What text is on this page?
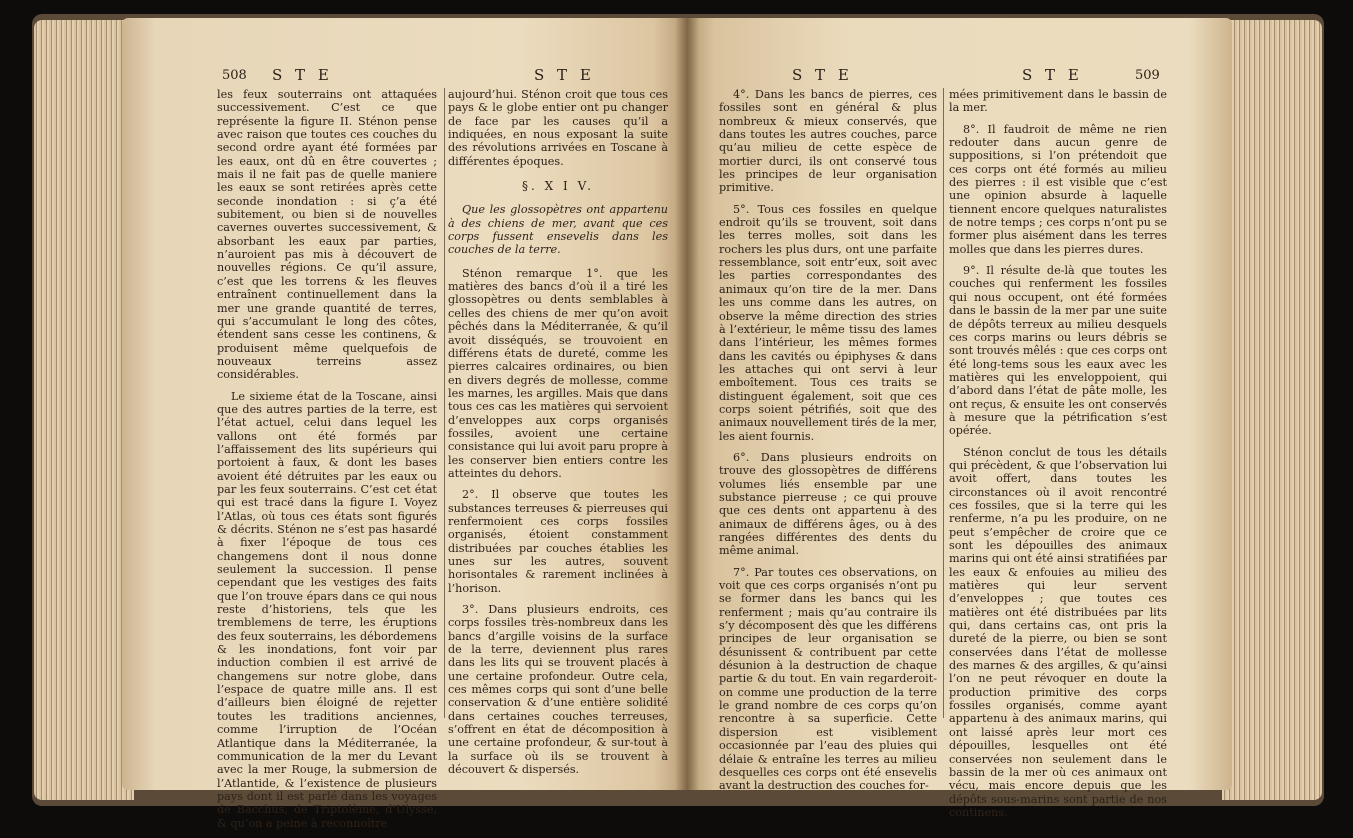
508 S T E	S T E

les feux souterrains ont attaquées successivement. C’est ce que représente la figure II. Sténon pense avec raison que toutes ces couches du second ordre ayant été formées par les eaux, ont dû en être couvertes ; mais il ne fait pas de quelle maniere les eaux se sont retirées après cette seconde inondation : si ç’a été subitement, ou bien si de nouvelles cavernes ouvertes successivement, & absorbant les eaux par parties, n’auroient pas mis à découvert de nouvelles régions. Ce qu’il assure, c’est que les torrens & les fleuves entraînent continuellement dans la mer une grande quantité de terres, qui s’accumulant le long des côtes, étendent sans cesse les continens, & produisent même quelquefois de nouveaux terreins assez considérables.

Le sixieme état de la Toscane, ainsi que des autres parties de la terre, est l’état actuel, celui dans lequel les vallons ont été formés par l’affaissement des lits supérieurs qui portoient à faux, & dont les bases avoient été détruites par les eaux ou par les feux souterrains. C’est cet état qui est tracé dans la figure I. Voyez l’Atlas, où tous ces états sont figurés & décrits. Sténon ne s’est pas hasardé à fixer l’époque de tous ces changemens dont il nous donne seulement la succession. Il pense cependant que les vestiges des faits que l’on trouve épars dans ce qui nous reste d’historiens, tels que les tremblemens de terre, les éruptions des feux souterrains, les débordemens & les inondations, font voir par induction combien il est arrivé de changemens sur notre globe, dans l’espace de quatre mille ans. Il est d’ailleurs bien éloigné de rejetter toutes les traditions anciennes, comme l’irruption de l’Océan Atlantique dans la Méditerranée, la communication de la mer du Levant avec la mer Rouge, la submersion de l’Atlantide, & l’existence de plusieurs pays dont il est parlé dans les voyages de Bacchus, de Triptolème, d’Ulysse, & qu’on a peine à reconnoître

aujourd’hui. Sténon croit que tous ces pays & le globe entier ont pu changer de face par les causes qu’il a indiquées, en nous exposant la suite des révolutions arrivées en Toscane à différentes époques.

§. X I V.

Que les glossopètres ont appartenu à des chiens de mer, avant que ces corps fussent ensevelis dans les couches de la terre.

Sténon remarque 1°. que les matières des bancs d’où il a tiré les glossopètres ou dents semblables à celles des chiens de mer qu’on avoit pêchés dans la Méditerranée, & qu’il avoit disséqués, se trouvoient en différens états de dureté, comme les pierres calcaires ordinaires, ou bien en divers degrés de mollesse, comme les marnes, les argilles. Mais que dans tous ces cas les matières qui servoient d’enveloppes aux corps organisés fossiles, avoient une certaine consistance qui lui avoit paru propre à les conserver bien entiers contre les atteintes du dehors.

2°. Il observe que toutes les substances terreuses & pierreuses qui renfermoient ces corps fossiles organisés, étoient constamment distribuées par couches établies les unes sur les autres, souvent horisontales & rarement inclinées à l’horison.

3°. Dans plusieurs endroits, ces corps fossiles très-nombreux dans les bancs d’argille voisins de la surface de la terre, deviennent plus rares dans les lits qui se trouvent placés à une certaine profondeur. Outre cela, ces mêmes corps qui sont d’une belle conservation & d’une entière solidité dans certaines couches terreuses, s’offrent en état de décomposition à une certaine profondeur, & sur-tout à la surface où ils se trouvent à découvert & dispersés.

S T E	S T E	509

4°. Dans les bancs de pierres, ces fossiles sont en général & plus nombreux & mieux conservés, que dans toutes les autres couches, parce qu’au milieu de cette espèce de mortier durci, ils ont conservé tous les principes de leur organisation primitive.

5°. Tous ces fossiles en quelque endroit qu’ils se trouvent, soit dans les terres molles, soit dans les rochers les plus durs, ont une parfaite ressemblance, soit entr’eux, soit avec les parties correspondantes des animaux qu’on tire de la mer. Dans les uns comme dans les autres, on observe la même direction des stries à l’extérieur, le même tissu des lames dans l’intérieur, les mêmes formes dans les cavités ou épiphyses & dans les attaches qui ont servi à leur emboîtement. Tous ces traits se distinguent également, soit que ces corps soient pétrifiés, soit que des animaux nouvellement tirés de la mer, les aient fournis.

6°. Dans plusieurs endroits on trouve des glossopètres de différens volumes liés ensemble par une substance pierreuse ; ce qui prouve que ces dents ont appartenu à des animaux de différens âges, ou à des rangées différentes des dents du même animal.

7°. Par toutes ces observations, on voit que ces corps organisés n’ont pu se former dans les bancs qui les renferment ; mais qu’au contraire ils s’y décomposent dès que les différens principes de leur organisation se désunissent & contribuent par cette désunion à la destruction de chaque partie & du tout. En vain regarderoit-on comme une production de la terre le grand nombre de ces corps qu’on rencontre à sa superficie. Cette dispersion est visiblement occasionnée par l’eau des pluies qui délaie & entraîne les terres au milieu desquelles ces corps ont été ensevelis avant la destruction des couches for-

mées primitivement dans le bassin de la mer.

8°. Il faudroit de même ne rien redouter dans aucun genre de suppositions, si l’on prétendoit que ces corps ont été formés au milieu des pierres : il est visible que c’est une opinion absurde à laquelle tiennent encore quelques naturalistes de notre temps ; ces corps n’ont pu se former plus aisément dans les terres molles que dans les pierres dures.

9°. Il résulte de-là que toutes les couches qui renferment les fossiles qui nous occupent, ont été formées dans le bassin de la mer par une suite de dépôts terreux au milieu desquels ces corps marins ou leurs débris se sont trouvés mêlés : que ces corps ont été long-tems sous les eaux avec les matières qui les enveloppoient, qui d’abord dans l’état de pâte molle, les ont reçus, & ensuite les ont conservés à mesure que la pétrification s’est opérée.

Sténon conclut de tous les détails qui précèdent, & que l’observation lui avoit offert, dans toutes les circonstances où il avoit rencontré ces fossiles, que si la terre qui les renferme, n’a pu les produire, on ne peut s’empêcher de croire que ce sont les dépouilles des animaux marins qui ont été ainsi stratifiées par les eaux & enfouies au milieu des matières qui leur servent d’enveloppes ; que toutes ces matières ont été distribuées par lits qui, dans certains cas, ont pris la dureté de la pierre, ou bien se sont conservées dans l’état de mollesse des marnes & des argilles, & qu’ainsi l’on ne peut révoquer en doute la production primitive des corps fossiles organisés, comme ayant appartenu à des animaux marins, qui ont laissé après leur mort ces dépouilles, lesquelles ont été conservées non seulement dans le bassin de la mer où ces animaux ont vécu, mais encore depuis que les dépôts sous-marins sont partie de nos continens.
